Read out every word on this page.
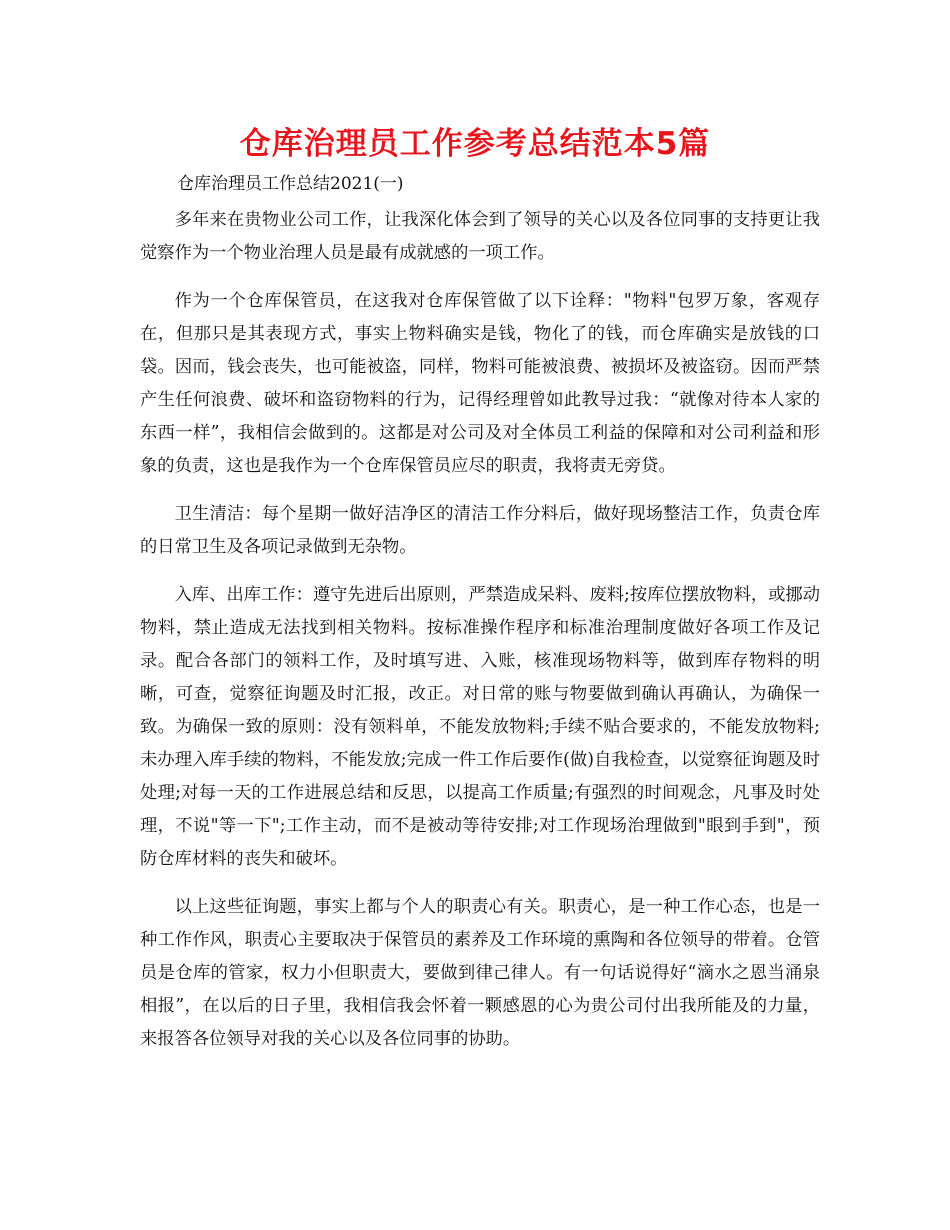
仓库治理员工作参考总结范本5篇
仓库治理员工作总结2021(一)

多年来在贵物业公司工作，让我深化体会到了领导的关心以及各位同事的支持更让我觉察作为一个物业治理人员是最有成就感的一项工作。

作为一个仓库保管员，在这我对仓库保管做了以下诠释："物料"包罗万象，客观存在，但那只是其表现方式，事实上物料确实是钱，物化了的钱，而仓库确实是放钱的口袋。因而，钱会丧失，也可能被盗，同样，物料可能被浪费、被损坏及被盗窃。因而严禁产生任何浪费、破坏和盗窃物料的行为，记得经理曾如此教导过我：“就像对待本人家的东西一样”，我相信会做到的。这都是对公司及对全体员工利益的保障和对公司利益和形象的负责，这也是我作为一个仓库保管员应尽的职责，我将责无旁贷。

卫生清洁：每个星期一做好洁净区的清洁工作分料后，做好现场整洁工作，负责仓库的日常卫生及各项记录做到无杂物。

入库、出库工作：遵守先进后出原则，严禁造成呆料、废料;按库位摆放物料，或挪动物料，禁止造成无法找到相关物料。按标准操作程序和标准治理制度做好各项工作及记录。配合各部门的领料工作，及时填写进、入账，核准现场物料等，做到库存物料的明晰，可查，觉察征询题及时汇报，改正。对日常的账与物要做到确认再确认，为确保一致。为确保一致的原则：没有领料单，不能发放物料;手续不贴合要求的，不能发放物料;未办理入库手续的物料，不能发放;完成一件工作后要作(做)自我检查，以觉察征询题及时处理;对每一天的工作进展总结和反思，以提高工作质量;有强烈的时间观念，凡事及时处理，不说"等一下";工作主动，而不是被动等待安排;对工作现场治理做到"眼到手到"，预防仓库材料的丧失和破坏。

以上这些征询题，事实上都与个人的职责心有关。职责心，是一种工作心态，也是一种工作作风，职责心主要取决于保管员的素养及工作环境的熏陶和各位领导的带着。仓管员是仓库的管家，权力小但职责大，要做到律己律人。有一句话说得好“滴水之恩当涌泉相报”，在以后的日子里，我相信我会怀着一颗感恩的心为贵公司付出我所能及的力量，来报答各位领导对我的关心以及各位同事的协助。
